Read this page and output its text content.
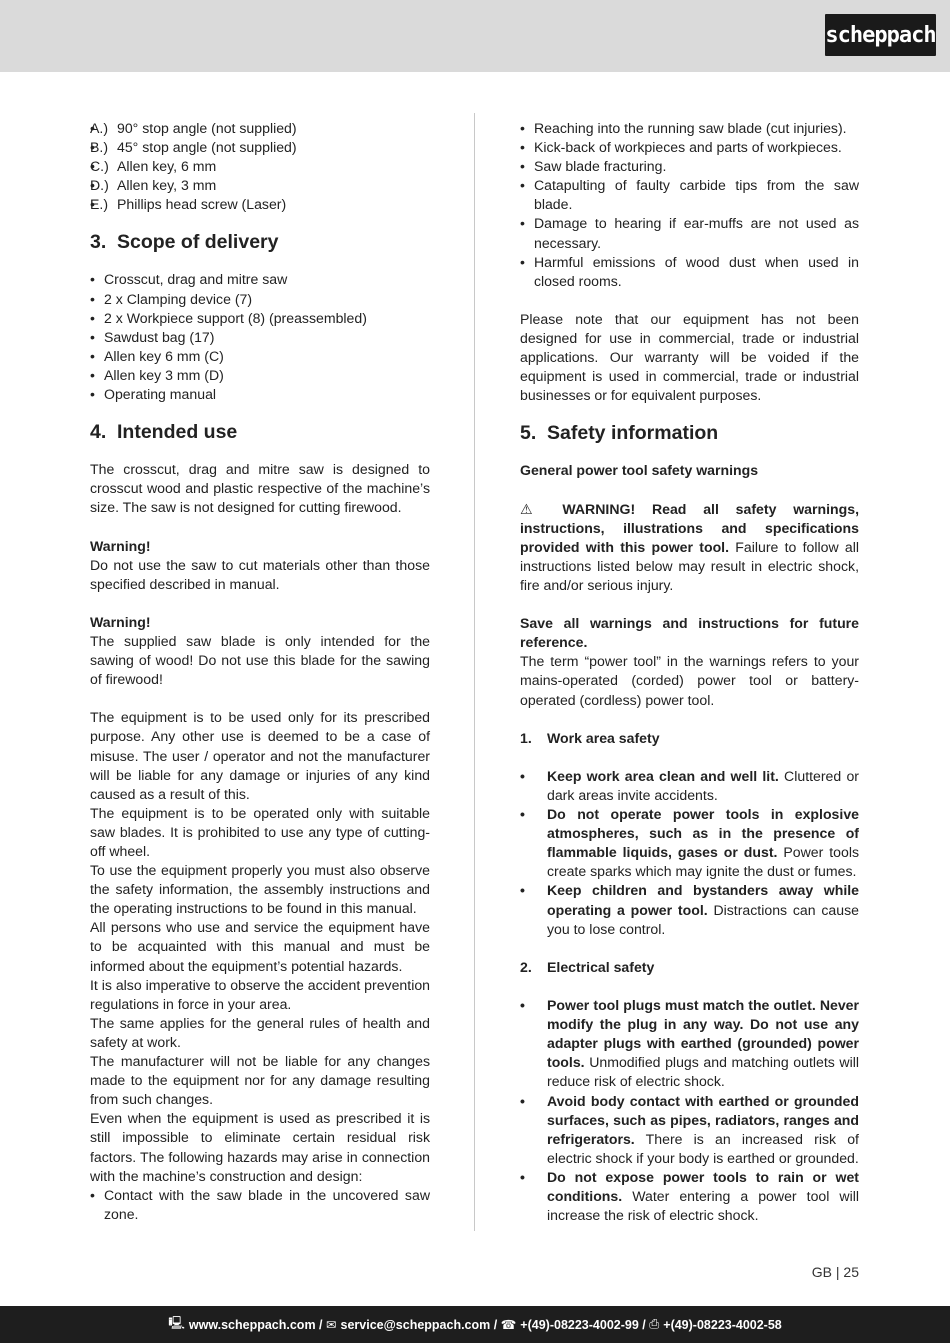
scheppach
• A.) 90° stop angle (not supplied)
• B.) 45° stop angle (not supplied)
• C.) Allen key, 6 mm
• D.) Allen key, 3 mm
• E.) Phillips head screw (Laser)
3. Scope of delivery
• Crosscut, drag and mitre saw
• 2 x Clamping device (7)
• 2 x Workpiece support (8) (preassembled)
• Sawdust bag (17)
• Allen key 6 mm (C)
• Allen key 3 mm (D)
• Operating manual
4. Intended use

The crosscut, drag and mitre saw is designed to crosscut wood and plastic respective of the machine’s size. The saw is not designed for cutting firewood.

Warning!

Do not use the saw to cut materials other than those specified described in manual.

Warning!

The supplied saw blade is only intended for the sawing of wood! Do not use this blade for the sawing of firewood!

The equipment is to be used only for its prescribed purpose. Any other use is deemed to be a case of misuse. The user / operator and not the manufacturer will be liable for any damage or injuries of any kind caused as a result of this.

The equipment is to be operated only with suitable saw blades. It is prohibited to use any type of cutting-off wheel.

To use the equipment properly you must also observe the safety information, the assembly instructions and the operating instructions to be found in this manual.

All persons who use and service the equipment have to be acquainted with this manual and must be informed about the equipment’s potential hazards.

It is also imperative to observe the accident prevention regulations in force in your area.

The same applies for the general rules of health and safety at work.

The manufacturer will not be liable for any changes made to the equipment nor for any damage resulting from such changes.

Even when the equipment is used as prescribed it is still impossible to eliminate certain residual risk factors. The following hazards may arise in connection with the machine’s construction and design:

• Contact with the saw blade in the uncovered saw zone.
• Reaching into the running saw blade (cut injuries).
• Kick-back of workpieces and parts of workpieces.
• Saw blade fracturing.
• Catapulting of faulty carbide tips from the saw blade.
• Damage to hearing if ear-muffs are not used as necessary.
• Harmful emissions of wood dust when used in closed rooms.

Please note that our equipment has not been designed for use in commercial, trade or industrial applications. Our warranty will be voided if the equipment is used in commercial, trade or industrial businesses or for equivalent purposes.

5. Safety information

General power tool safety warnings

⚠ WARNING! Read all safety warnings, instructions, illustrations and specifications provided with this power tool. Failure to follow all instructions listed below may result in electric shock, fire and/or serious injury.

Save all warnings and instructions for future reference.

The term “power tool” in the warnings refers to your mains-operated (corded) power tool or battery-operated (cordless) power tool.

1. Work area safety

• Keep work area clean and well lit. Cluttered or dark areas invite accidents.

• Do not operate power tools in explosive atmospheres, such as in the presence of flammable liquids, gases or dust. Power tools create sparks which may ignite the dust or fumes.

• Keep children and bystanders away while operating a power tool. Distractions can cause you to lose control.

2. Electrical safety

• Power tool plugs must match the outlet. Never modify the plug in any way. Do not use any adapter plugs with earthed (grounded) power tools. Unmodified plugs and matching outlets will reduce risk of electric shock.

• Avoid body contact with earthed or grounded surfaces, such as pipes, radiators, ranges and refrigerators. There is an increased risk of electric shock if your body is earthed or grounded.

• Do not expose power tools to rain or wet conditions. Water entering a power tool will increase the risk of electric shock.

GB | 25
🖳 www.scheppach.com
/
✉ service@scheppach.com
/
☎ +(49)-08223-4002-99
/
⎙ +(49)-08223-4002-58
